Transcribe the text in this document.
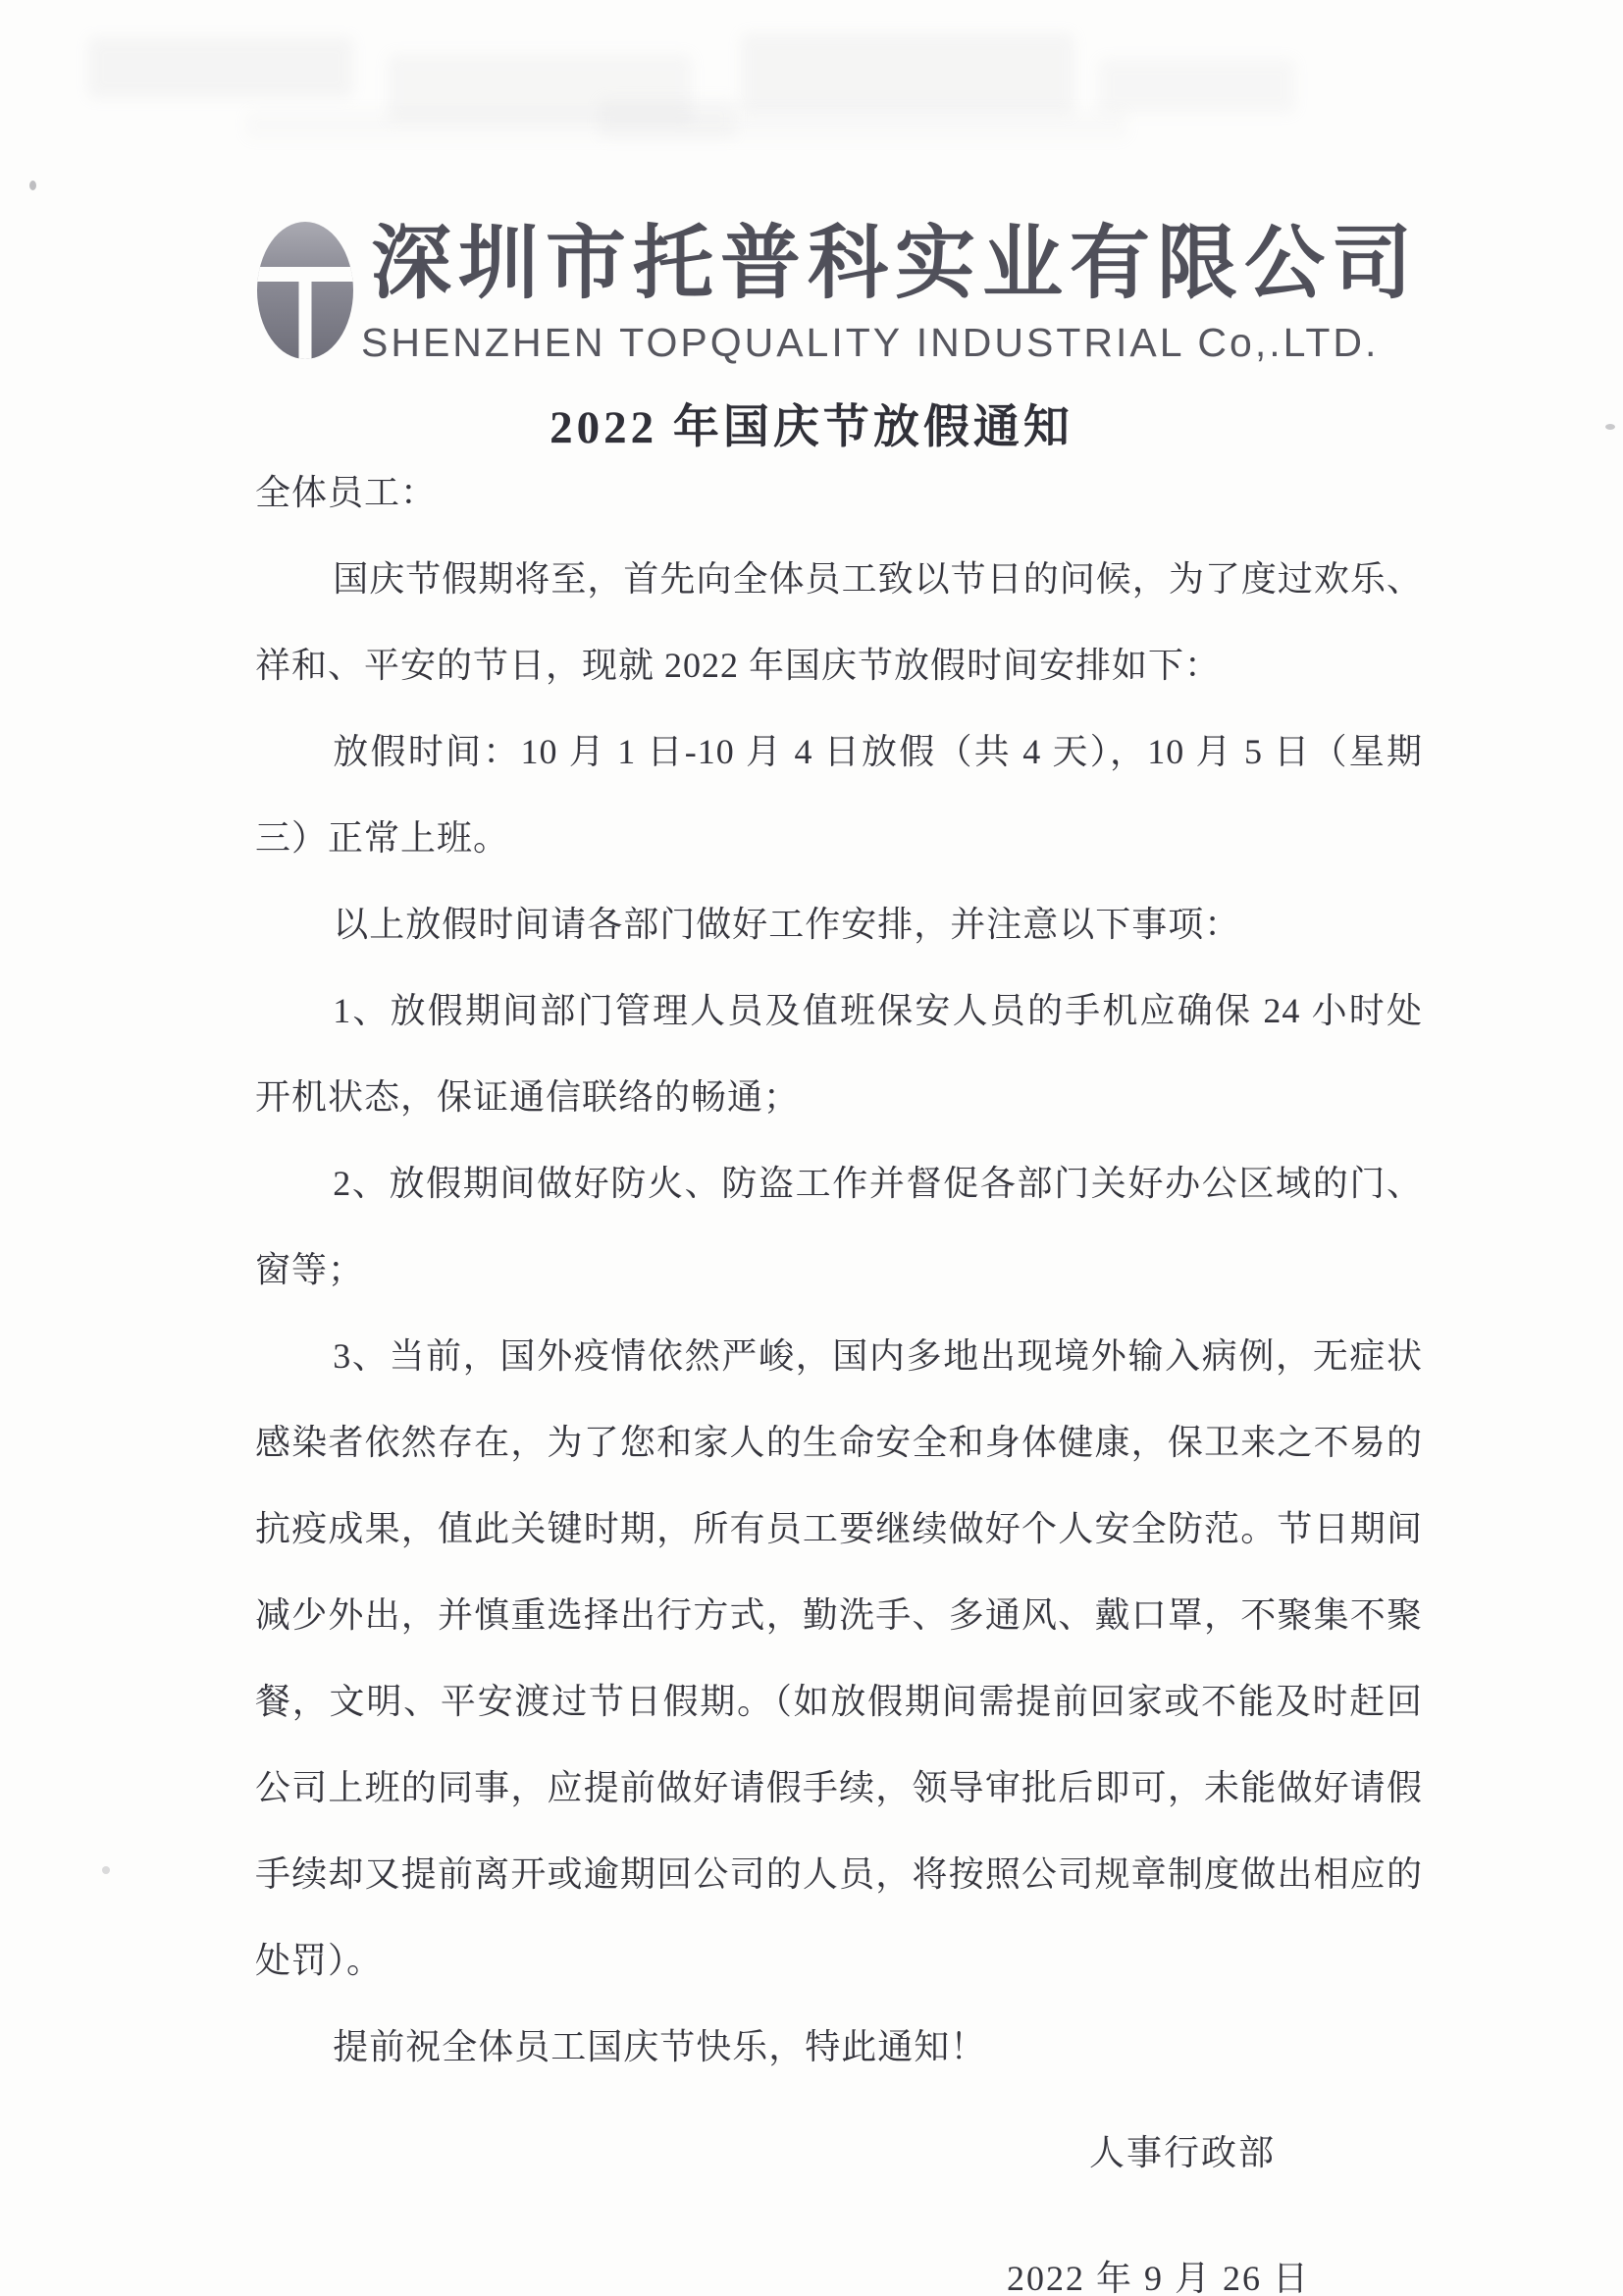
深圳市托普科实业有限公司
SHENZHEN TOPQUALITY INDUSTRIAL Co,.LTD.
2022 年国庆节放假通知

全体员工：

国庆节假期将至，首先向全体员工致以节日的问候，为了度过欢乐、祥和、平安的节日，现就 2022 年国庆节放假时间安排如下：

放假时间：10 月 1 日-10 月 4 日放假（共 4 天），10 月 5 日（星期三）正常上班。

以上放假时间请各部门做好工作安排，并注意以下事项：

1、放假期间部门管理人员及值班保安人员的手机应确保 24 小时处开机状态，保证通信联络的畅通；

2、放假期间做好防火、防盗工作并督促各部门关好办公区域的门、窗等；

3、当前，国外疫情依然严峻，国内多地出现境外输入病例，无症状感染者依然存在，为了您和家人的生命安全和身体健康，保卫来之不易的抗疫成果，值此关键时期，所有员工要继续做好个人安全防范。节日期间减少外出，并慎重选择出行方式，勤洗手、多通风、戴口罩，不聚集不聚餐，文明、平安渡过节日假期。（如放假期间需提前回家或不能及时赶回公司上班的同事，应提前做好请假手续，领导审批后即可，未能做好请假手续却又提前离开或逾期回公司的人员，将按照公司规章制度做出相应的处罚）。

提前祝全体员工国庆节快乐，特此通知！

人事行政部
2022 年 9 月 26 日
